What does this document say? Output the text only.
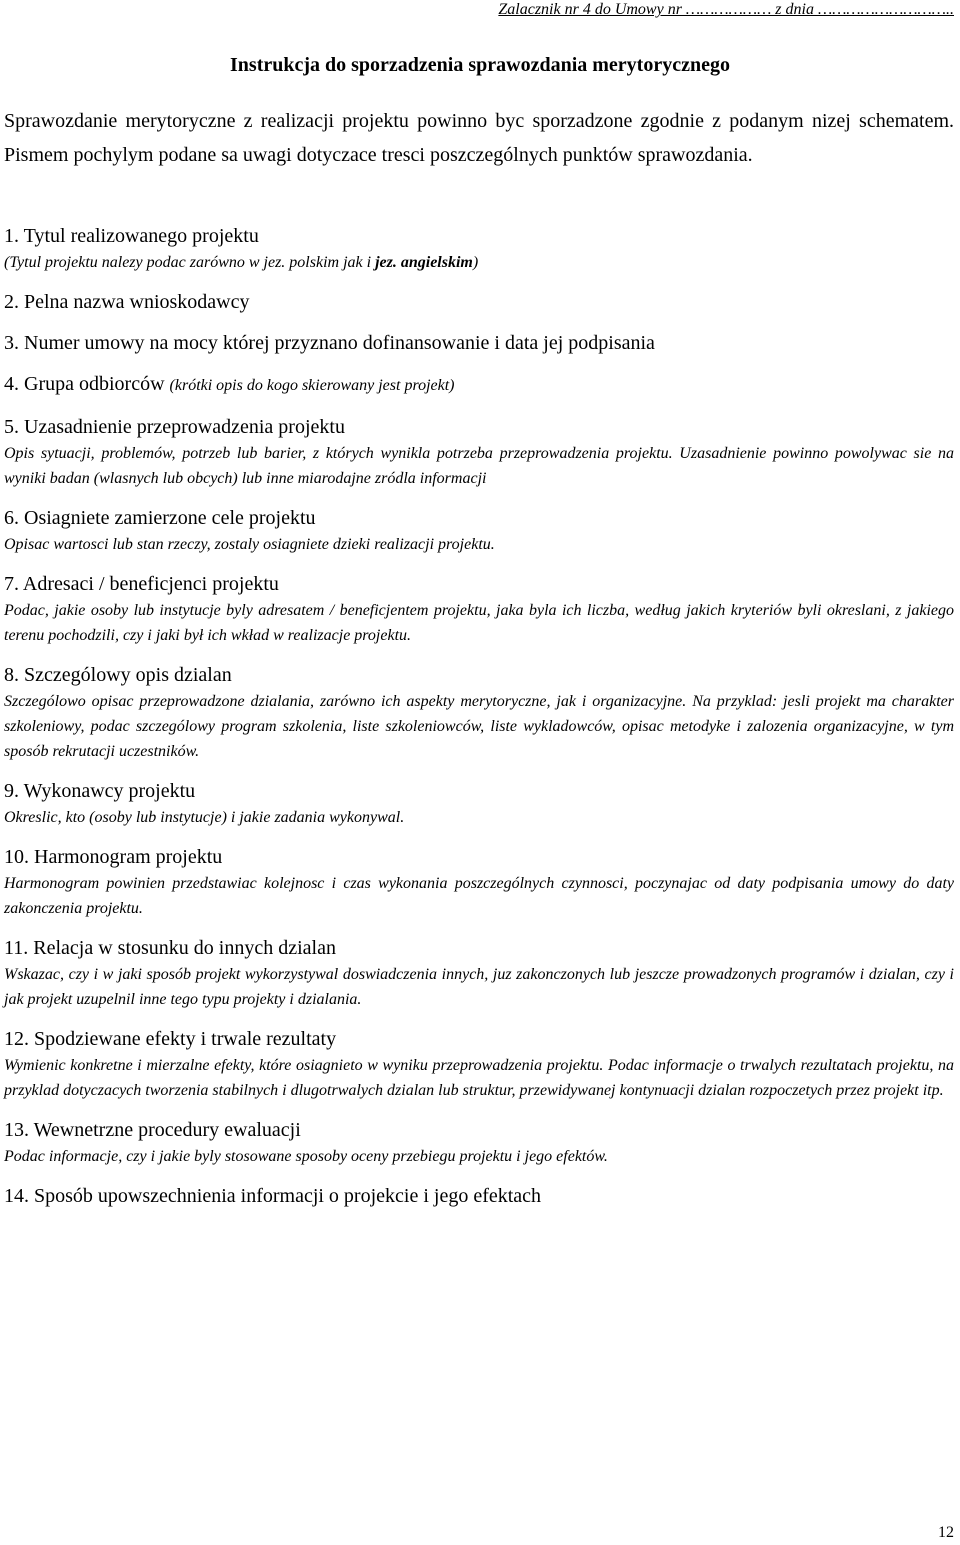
Zalacznik nr 4 do Umowy nr ……………… z dnia ………………………..
Instrukcja do sporzadzenia sprawozdania merytorycznego
Sprawozdanie merytoryczne z realizacji projektu powinno byc sporzadzone zgodnie z podanym nizej schematem. Pismem pochylym podane sa uwagi dotyczace tresci poszczególnych punktów sprawozdania.
1. Tytul realizowanego projektu
(Tytul projektu nalezy podac zarówno w jez. polskim jak i jez. angielskim)
2. Pelna nazwa wnioskodawcy
3. Numer umowy na mocy której przyznano dofinansowanie i data jej podpisania
4. Grupa odbiorców (krótki opis do kogo skierowany jest projekt)
5. Uzasadnienie przeprowadzenia projektu
Opis sytuacji, problemów, potrzeb lub barier, z których wynikla potrzeba przeprowadzenia projektu. Uzasadnienie powinno powolywac sie na wyniki badan (wlasnych lub obcych) lub inne miarodajne zródla informacji
6. Osiagniete zamierzone cele projektu
Opisac wartosci lub stan rzeczy, zostaly osiagniete dzieki realizacji projektu.
7. Adresaci / beneficjenci projektu
Podac, jakie osoby lub instytucje byly adresatem / beneficjentem projektu, jaka byla ich liczba, według jakich kryteriów byli okreslani, z jakiego terenu pochodzili, czy i jaki był ich wkład w realizacje projektu.
8. Szczególowy opis dzialan
Szczególowo opisac przeprowadzone dzialania, zarówno ich aspekty merytoryczne, jak i organizacyjne. Na przyklad: jesli projekt ma charakter szkoleniowy, podac szczególowy program szkolenia, liste szkoleniowców, liste wykladowców, opisac metodyke i zalozenia organizacyjne, w tym sposób rekrutacji uczestników.
9. Wykonawcy projektu
Okreslic, kto (osoby lub instytucje) i jakie zadania wykonywal.
10. Harmonogram projektu
Harmonogram powinien przedstawiac kolejnosc i czas wykonania poszczególnych czynnosci, poczynajac od daty podpisania umowy do daty zakonczenia projektu.
11. Relacja w stosunku do innych dzialan
Wskazac, czy i w jaki sposób projekt wykorzystywal doswiadczenia innych, juz zakonczonych lub jeszcze prowadzonych programów i dzialan, czy i jak projekt uzupelnil inne tego typu projekty i dzialania.
12. Spodziewane efekty i trwale rezultaty
Wymienic konkretne i mierzalne efekty, które osiagnieto w wyniku przeprowadzenia projektu. Podac informacje o trwalych rezultatach projektu, na przyklad dotyczacych tworzenia stabilnych i dlugotrwalych dzialan lub struktur, przewidywanej kontynuacji dzialan rozpoczetych przez projekt itp.
13. Wewnetrzne procedury ewaluacji
Podac informacje, czy i jakie byly stosowane sposoby oceny przebiegu projektu i jego efektów.
14. Sposób upowszechnienia informacji o projekcie i jego efektach
12
